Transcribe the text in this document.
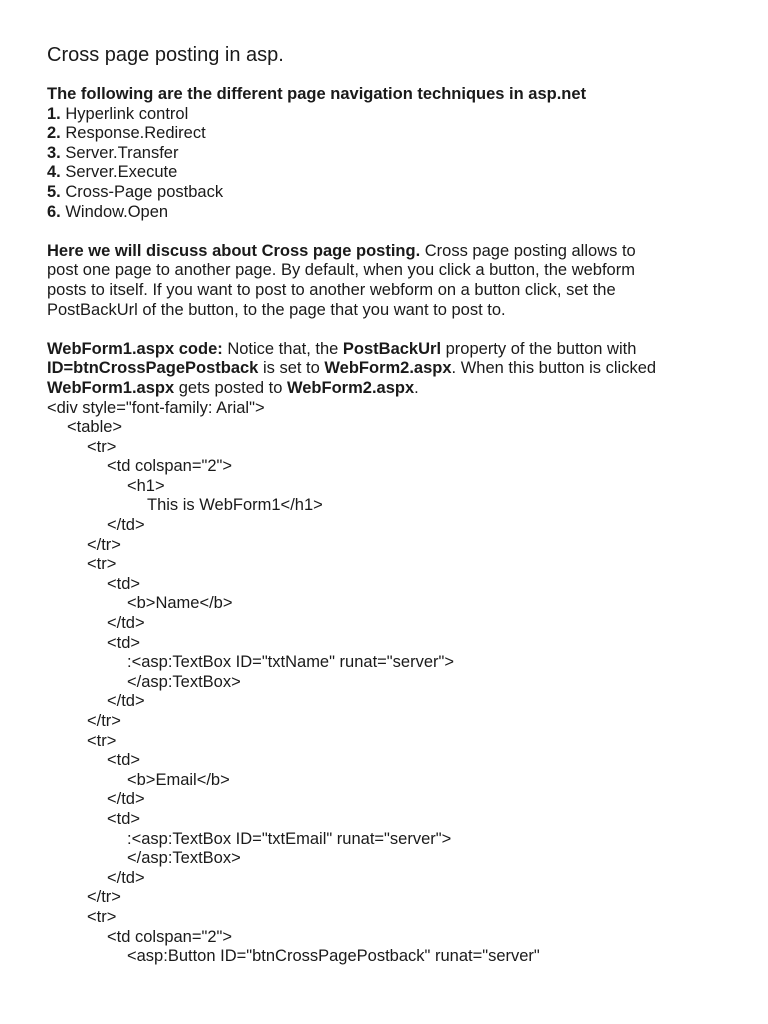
Cross page posting in asp.
The following are the different page navigation techniques in asp.net
1. Hyperlink control
2. Response.Redirect
3. Server.Transfer
4. Server.Execute
5. Cross-Page postback
6. Window.Open
Here we will discuss about Cross page posting. Cross page posting allows to
post one page to another page. By default, when you click a button, the webform
posts to itself. If you want to post to another webform on a button click, set the
PostBackUrl of the button, to the page that you want to post to.
WebForm1.aspx code: Notice that, the PostBackUrl property of the button with
ID=btnCrossPagePostback is set to WebForm2.aspx. When this button is clicked
WebForm1.aspx gets posted to WebForm2.aspx.
<div style="font-family: Arial">
<table>
<tr>
<td colspan="2">
<h1>
This is WebForm1</h1>
</td>
</tr>
<tr>
<td>
<b>Name</b>
</td>
<td>
:<asp:TextBox ID="txtName" runat="server">
</asp:TextBox>
</td>
</tr>
<tr>
<td>
<b>Email</b>
</td>
<td>
:<asp:TextBox ID="txtEmail" runat="server">
</asp:TextBox>
</td>
</tr>
<tr>
<td colspan="2">
<asp:Button ID="btnCrossPagePostback" runat="server"
